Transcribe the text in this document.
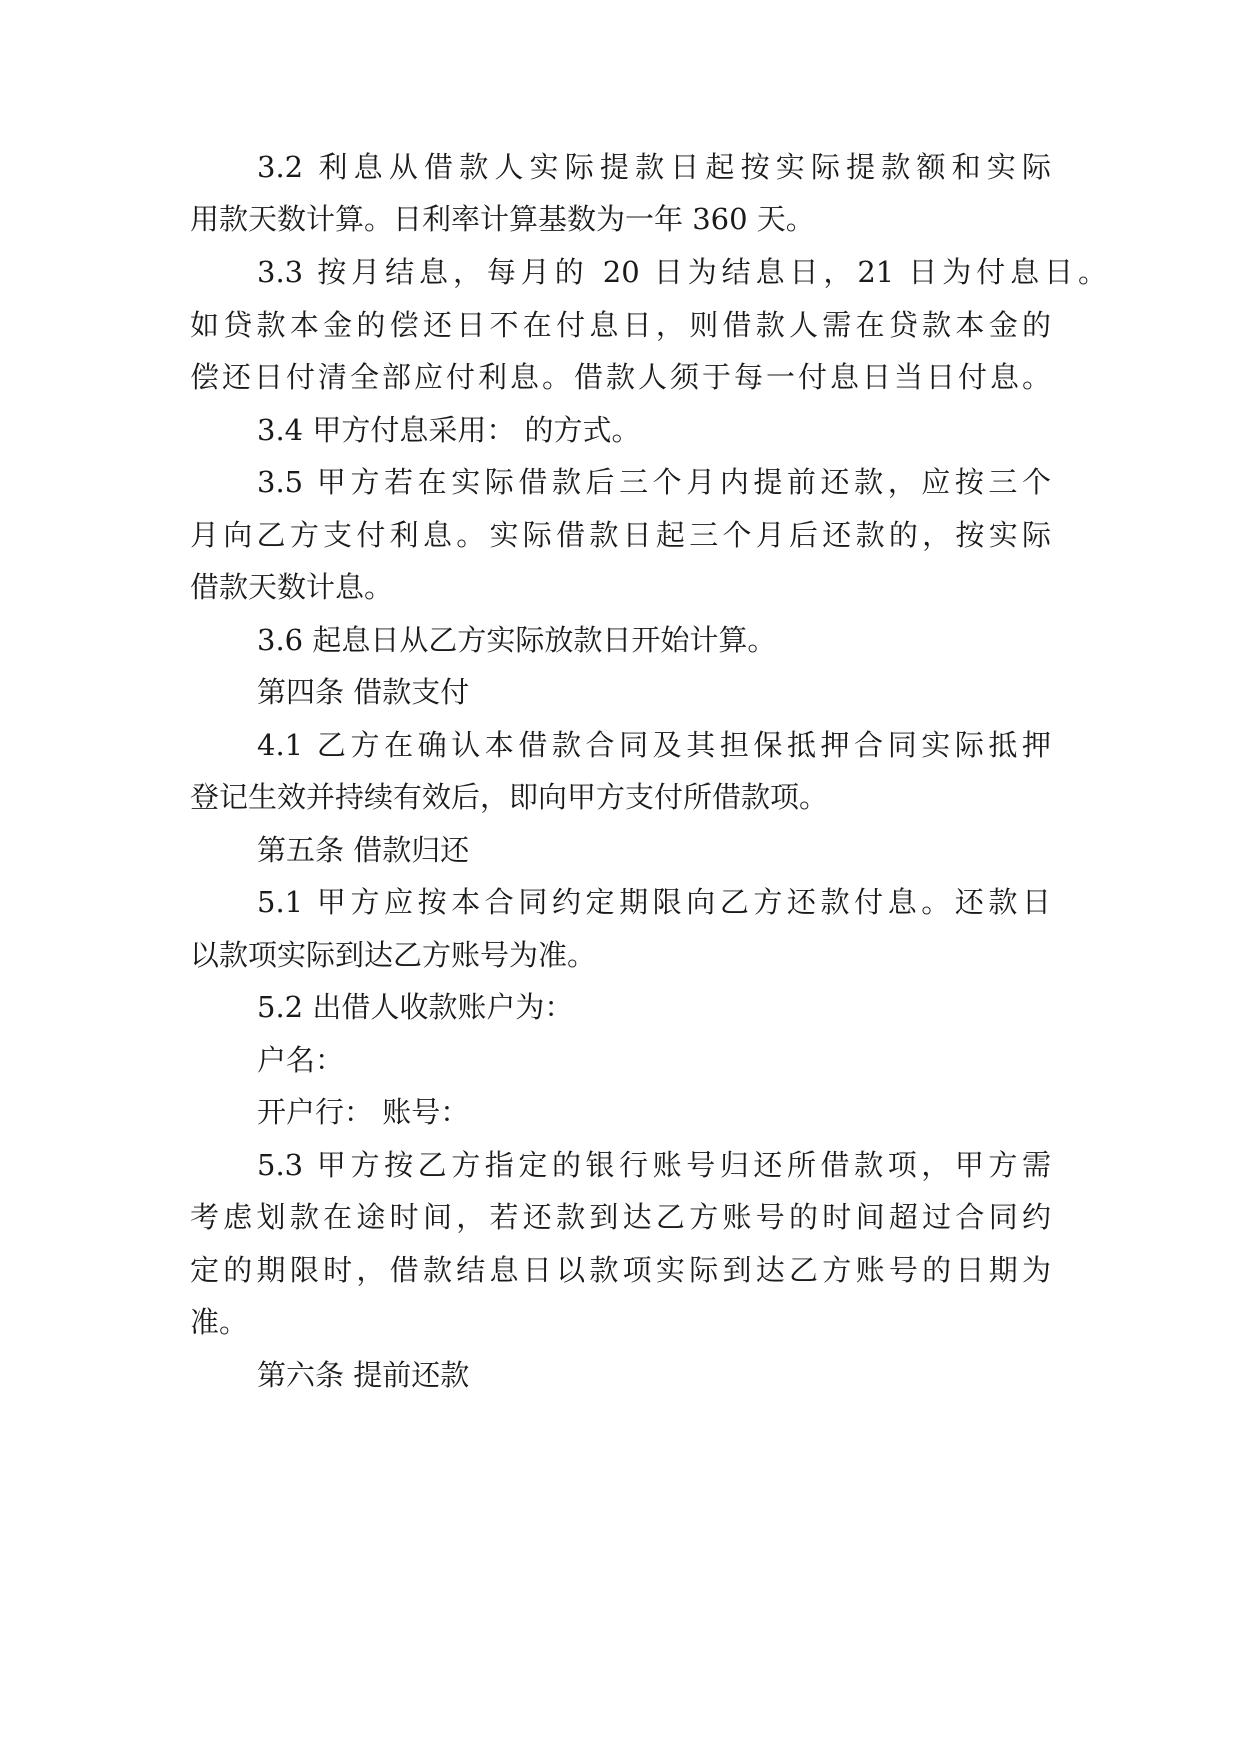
3.2 利息从借款人实际提款日起按实际提款额和实际
用款天数计算。日利率计算基数为一年 360 天。
3.3 按月结息，每月的 20 日为结息日，21 日为付息日。
如贷款本金的偿还日不在付息日，则借款人需在贷款本金的
偿还日付清全部应付利息。借款人须于每一付息日当日付息。
3.4 甲方付息采用： 的方式。
3.5 甲方若在实际借款后三个月内提前还款，应按三个
月向乙方支付利息。实际借款日起三个月后还款的，按实际
借款天数计息。
3.6 起息日从乙方实际放款日开始计算。
第四条 借款支付
4.1 乙方在确认本借款合同及其担保抵押合同实际抵押
登记生效并持续有效后，即向甲方支付所借款项。
第五条 借款归还
5.1 甲方应按本合同约定期限向乙方还款付息。还款日
以款项实际到达乙方账号为准。
5.2 出借人收款账户为：
户名：
开户行： 账号：
5.3 甲方按乙方指定的银行账号归还所借款项，甲方需
考虑划款在途时间，若还款到达乙方账号的时间超过合同约
定的期限时，借款结息日以款项实际到达乙方账号的日期为
准。
第六条 提前还款
